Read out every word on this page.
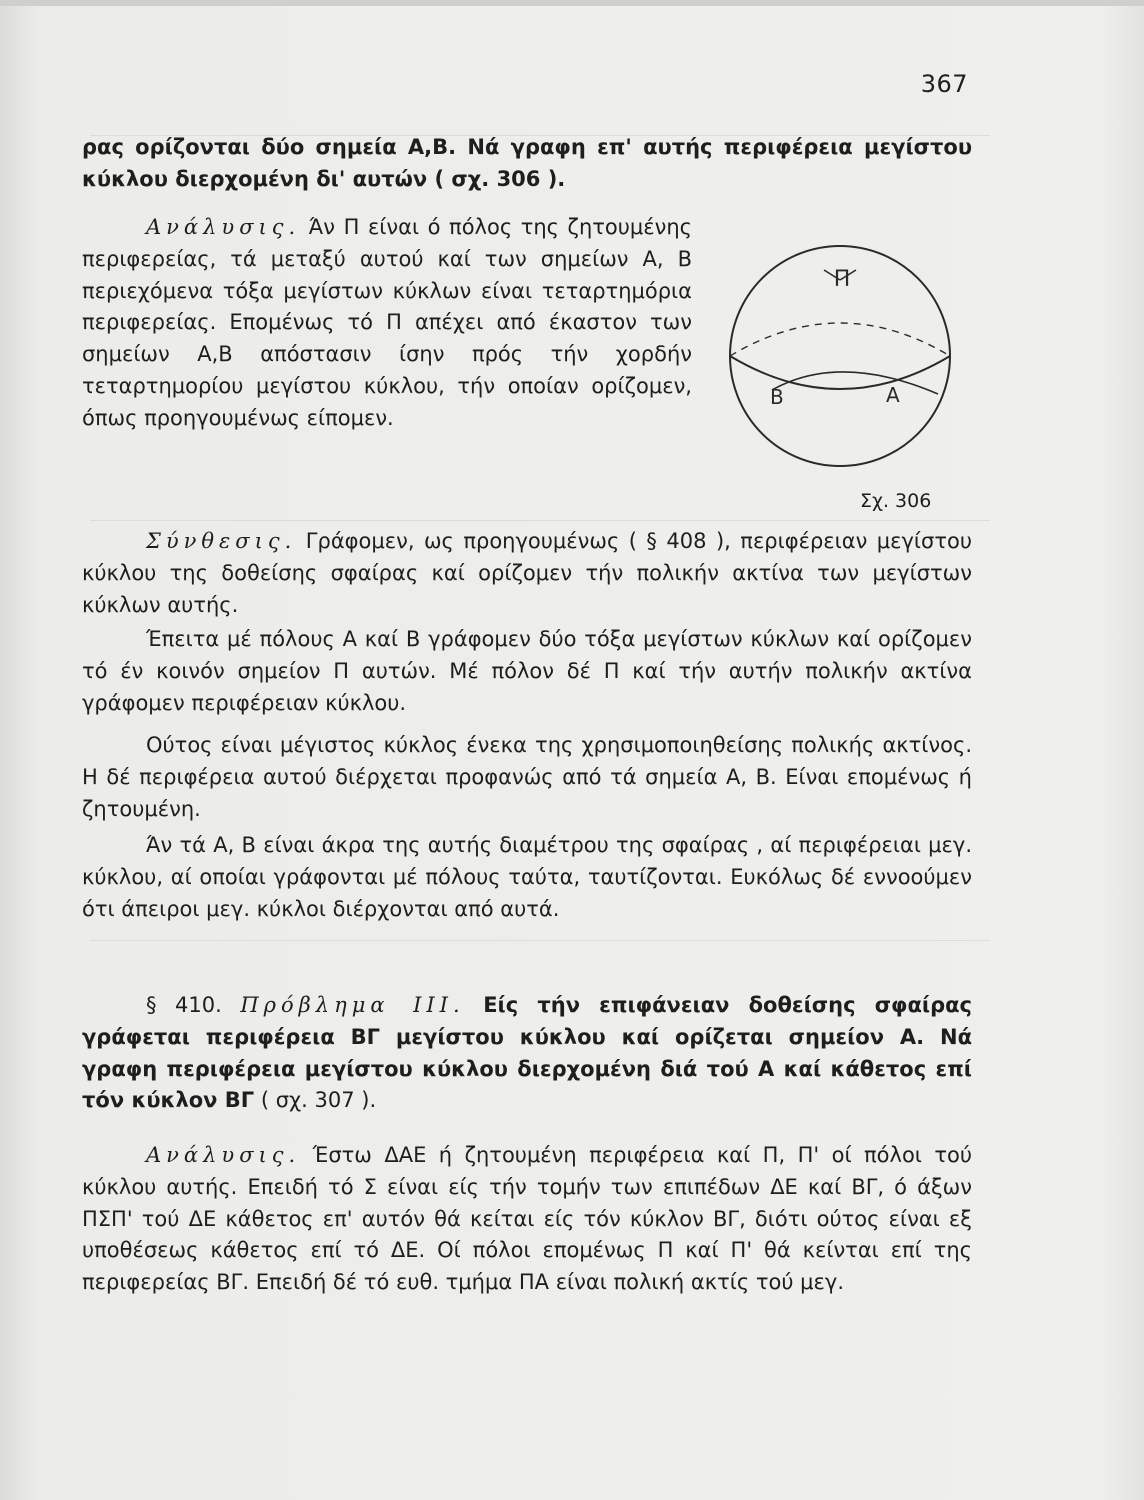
367

ρας ορίζονται δύο σημεία Α,Β. Νά γραφη επ' αυτής περιφέρεια μεγίστου κύκλου διερχομένη δι' αυτών ( σχ. 306 ).

Ανάλυσις. Άν Π είναι ό πόλος της ζητουμένης περιφερείας, τά μεταξύ αυτού καί των σημείων Α, Β περιεχόμενα τόξα μεγίστων κύκλων είναι τεταρτημόρια περιφερείας. Επομένως τό Π απέχει από έκαστον των σημείων Α,Β απόστασιν ίσην πρός τήν χορδήν τεταρτημορίου μεγίστου κύκλου, τήν οποίαν ορίζομεν, όπως προηγουμένως είπομεν.

Π
Β	Α
Σχ. 306

Σύνθεσις. Γράφομεν, ως προηγουμένως ( § 408 ), περιφέρειαν μεγίστου κύκλου της δοθείσης σφαίρας καί ορίζομεν τήν πολικήν ακτίνα των μεγίστων κύκλων αυτής.

Έπειτα μέ πόλους Α καί Β γράφομεν δύο τόξα μεγίστων κύκλων καί ορίζομεν τό έν κοινόν σημείον Π αυτών. Μέ πόλον δέ Π καί τήν αυτήν πολικήν ακτίνα γράφομεν περιφέρειαν κύκλου.

Ούτος είναι μέγιστος κύκλος ένεκα της χρησιμοποιηθείσης πολικής ακτίνος. Η δέ περιφέρεια αυτού διέρχεται προφανώς από τά σημεία Α, Β. Είναι επομένως ή ζητουμένη.

Άν τά Α, Β είναι άκρα της αυτής διαμέτρου της σφαίρας , αί περιφέρειαι μεγ. κύκλου, αί οποίαι γράφονται μέ πόλους ταύτα, ταυτίζονται. Ευκόλως δέ εννοούμεν ότι άπειροι μεγ. κύκλοι διέρχονται από αυτά.

§ 410. Πρόβλημα III. Είς τήν επιφάνειαν δοθείσης σφαίρας γράφεται περιφέρεια ΒΓ μεγίστου κύκλου καί ορίζεται σημείον Α. Νά γραφη περιφέρεια μεγίστου κύκλου διερχομένη διά τού Α καί κάθετος επί τόν κύκλον ΒΓ ( σχ. 307 ).

Ανάλυσις. Έστω ΔΑΕ ή ζητουμένη περιφέρεια καί Π, Π' οί πόλοι τού κύκλου αυτής. Επειδή τό Σ είναι είς τήν τομήν των επιπέδων ΔΕ καί ΒΓ, ό άξων ΠΣΠ' τού ΔΕ κάθετος επ' αυτόν θά κείται είς τόν κύκλον ΒΓ, διότι ούτος είναι εξ υποθέσεως κάθετος επί τό ΔΕ. Οί πόλοι επομένως Π καί Π' θά κείνται επί της περιφερείας ΒΓ. Επειδή δέ τό ευθ. τμήμα ΠΑ είναι πολική ακτίς τού μεγ.
